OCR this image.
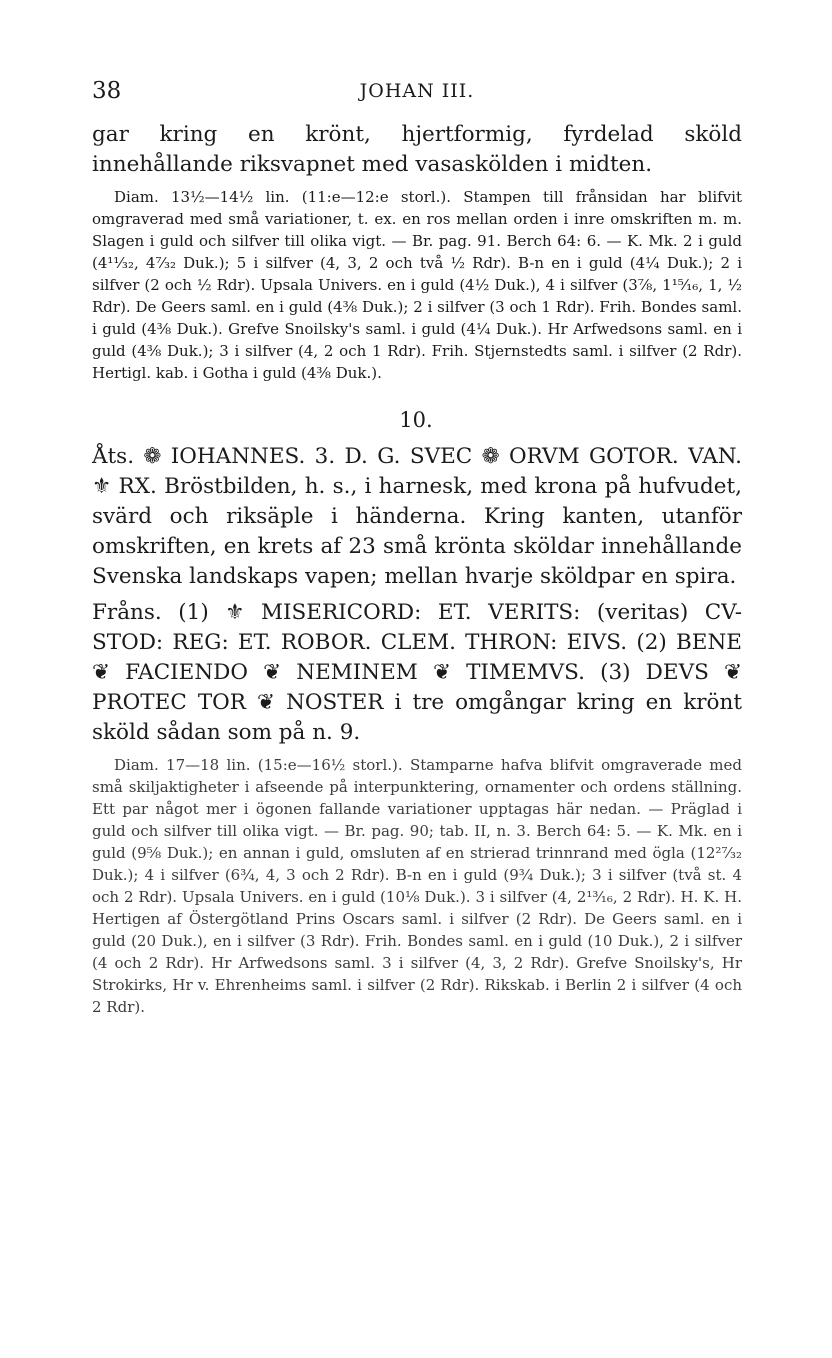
38	JOHAN III.

gar kring en krönt, hjertformig, fyrdelad sköld innehållande riksvapnet med vasaskölden i midten.

Diam. 13½—14½ lin. (11:e—12:e storl.). Stampen till frånsidan har blifvit omgraverad med små variationer, t. ex. en ros mellan orden i inre omskriften m. m. Slagen i guld och silfver till olika vigt. — Br. pag. 91. Berch 64: 6. — K. Mk. 2 i guld (4¹¹⁄₃₂, 4⁷⁄₃₂ Duk.); 5 i silfver (4, 3, 2 och två ½ Rdr). B-n en i guld (4¼ Duk.); 2 i silfver (2 och ½ Rdr). Upsala Univers. en i guld (4½ Duk.), 4 i silfver (3⅞, 1¹⁵⁄₁₆, 1, ½ Rdr). De Geers saml. en i guld (4⅜ Duk.); 2 i silfver (3 och 1 Rdr). Frih. Bondes saml. i guld (4⅜ Duk.). Grefve Snoilsky's saml. i guld (4¼ Duk.). Hr Arfwedsons saml. en i guld (4⅜ Duk.); 3 i silfver (4, 2 och 1 Rdr). Frih. Stjernstedts saml. i silfver (2 Rdr). Hertigl. kab. i Gotha i guld (4⅜ Duk.).

10.

Åts. ❁ IOHANNES. 3. D. G. SVEC ❁ ORVM GOTOR. VAN. ⚜ RX. Bröstbilden, h. s., i harnesk, med krona på hufvudet, svärd och riksäple i händerna. Kring kanten, utanför omskriften, en krets af 23 små krönta sköldar innehållande Svenska landskaps vapen; mellan hvarje sköldpar en spira.

Fråns. (1) ⚜ MISERICORD: ET. VERITS: (veritas) CV-STOD: REG: ET. ROBOR. CLEM. THRON: EIVS. (2) BENE ❦ FACIENDO ❦ NEMINEM ❦ TIMEMVS. (3) DEVS ❦ PROTEC TOR ❦ NOSTER i tre omgångar kring en krönt sköld sådan som på n. 9.

Diam. 17—18 lin. (15:e—16½ storl.). Stamparne hafva blifvit omgraverade med små skiljaktigheter i afseende på interpunktering, ornamenter och ordens ställning. Ett par något mer i ögonen fallande variationer upptagas här nedan. — Präglad i guld och silfver till olika vigt. — Br. pag. 90; tab. II, n. 3. Berch 64: 5. — K. Mk. en i guld (9⅝ Duk.); en annan i guld, omsluten af en strierad trinnrand med ögla (12²⁷⁄₃₂ Duk.); 4 i silfver (6¾, 4, 3 och 2 Rdr). B-n en i guld (9¾ Duk.); 3 i silfver (två st. 4 och 2 Rdr). Upsala Univers. en i guld (10⅛ Duk.). 3 i silfver (4, 2¹³⁄₁₆, 2 Rdr). H. K. H. Hertigen af Östergötland Prins Oscars saml. i silfver (2 Rdr). De Geers saml. en i guld (20 Duk.), en i silfver (3 Rdr). Frih. Bondes saml. en i guld (10 Duk.), 2 i silfver (4 och 2 Rdr). Hr Arfwedsons saml. 3 i silfver (4, 3, 2 Rdr). Grefve Snoilsky's, Hr Strokirks, Hr v. Ehrenheims saml. i silfver (2 Rdr). Rikskab. i Berlin 2 i silfver (4 och 2 Rdr).
